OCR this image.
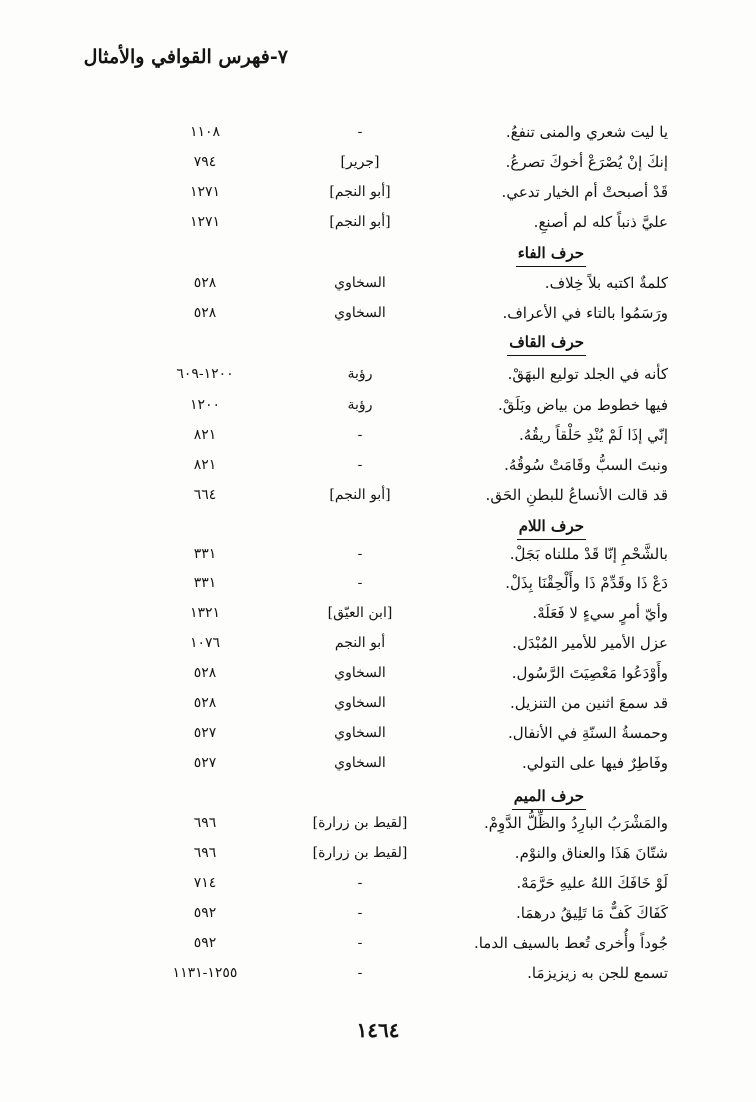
٧-فهرس القوافي والأمثال
يا ليت شعري والمنى تنفعُ.
-
١١٠٨
إنكَ إنْ يُصْرَعْ أخوكَ تصرعُ.
[جرير]
٧٩٤
قَدْ أصبحتْ أم الخيار تدعي.
[أبو النجم]
١٢٧١
عليَّ ذنباً كله لم أصنعِ.
[أبو النجم]
١٢٧١
حرف الفاء
كلمةٌ اكتبه بلاً خِلاف.
السخاوي
٥٢٨
ورَسَمُوا بالتاء في الأعراف.
السخاوي
٥٢٨
حرف القاف
كأنه في الجلد توليع البهَقْ.
رؤبة
١٢٠٠-٦٠٩
فيها خطوط من بياض وبَلَقْ.
رؤبة
١٢٠٠
إنّي إذَا لَمْ يُنْدِ حَلْقاً ريقُهُ.
-
٨٢١
ونبتَ السبُّ وقَامَتْ سُوقُهُ.
-
٨٢١
قد قالت الأنساعُ للبطنِ الحَق.
[أبو النجم]
٦٦٤
حرف اللام
بالشَّحْمِ إنّا قَدْ مللناه بَجَلْ.
-
٣٣١
دَعْ ذَا وقَدِّمْ ذَا وأَلْحِقْنَا بِذَلْ.
-
٣٣١
وأيّ أمرٍ سيءٍ لا فَعَلَهْ.
[ابن العيّق]
١٣٢١
عزل الأمير للأمير المُبْدَل.
أبو النجم
١٠٧٦
وأَوْدَعُوا مَعْصِيَتَ الرَّسُول.
السخاوي
٥٢٨
قد سمعَ اثنين من التنزيل.
السخاوي
٥٢٨
وحمسةُ السنّةِ في الأنفال.
السخاوي
٥٢٧
وفَاطِرٌ فيها على التولي.
السخاوي
٥٢٧
حرف الميم
والمَشْرَبُ البارِدُ والظِّلُّ الدَّوِمْ.
[لقيط بن زرارة]
٦٩٦
شتّانَ هَذَا والعناق والنوْم.
[لقيط بن زرارة]
٦٩٦
لَوْ خَافَكَ اللهُ عليهِ حَرَّمَهْ.
-
٧١٤
كَفَاكَ كَفٌّ مَا تَلِيقُ درهمَا.
-
٥٩٢
جُوداً وأُخرى تُعط بالسيف الدما.
-
٥٩٢
تسمع للجن به زيزيزمَا.
-
١٢٥٥-١١٣١
١٤٦٤
